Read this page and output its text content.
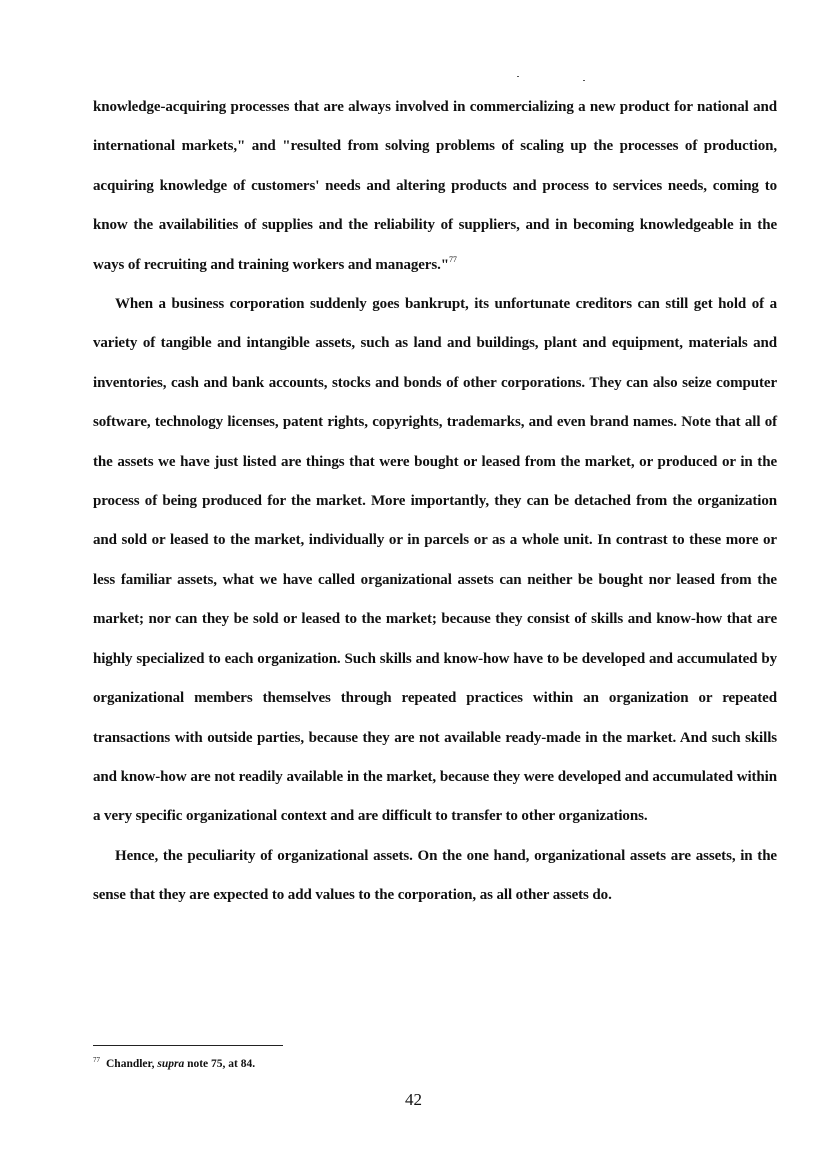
knowledge-acquiring processes that are always involved in commercializing a new product for national and international markets," and "resulted from solving problems of scaling up the processes of production, acquiring knowledge of customers' needs and altering products and process to services needs, coming to know the availabilities of supplies and the reliability of suppliers, and in becoming knowledgeable in the ways of recruiting and training workers and managers."$^{77}$

When a business corporation suddenly goes bankrupt, its unfortunate creditors can still get hold of a variety of tangible and intangible assets, such as land and buildings, plant and equipment, materials and inventories, cash and bank accounts, stocks and bonds of other corporations. They can also seize computer software, technology licenses, patent rights, copyrights, trademarks, and even brand names. Note that all of the assets we have just listed are things that were bought or leased from the market, or produced or in the process of being produced for the market. More importantly, they can be detached from the organization and sold or leased to the market, individually or in parcels or as a whole unit. In contrast to these more or less familiar assets, what we have called organizational assets can neither be bought nor leased from the market; nor can they be sold or leased to the market; because they consist of skills and know-how that are highly specialized to each organization. Such skills and know-how have to be developed and accumulated by organizational members themselves through repeated practices within an organization or repeated transactions with outside parties, because they are not available ready-made in the market. And such skills and know-how are not readily available in the market, because they were developed and accumulated within a very specific organizational context and are difficult to transfer to other organizations.

Hence, the peculiarity of organizational assets. On the one hand, organizational assets are assets, in the sense that they are expected to add values to the corporation, as all other assets do.

$^{77}$ Chandler, supra note 75, at 84.
42
